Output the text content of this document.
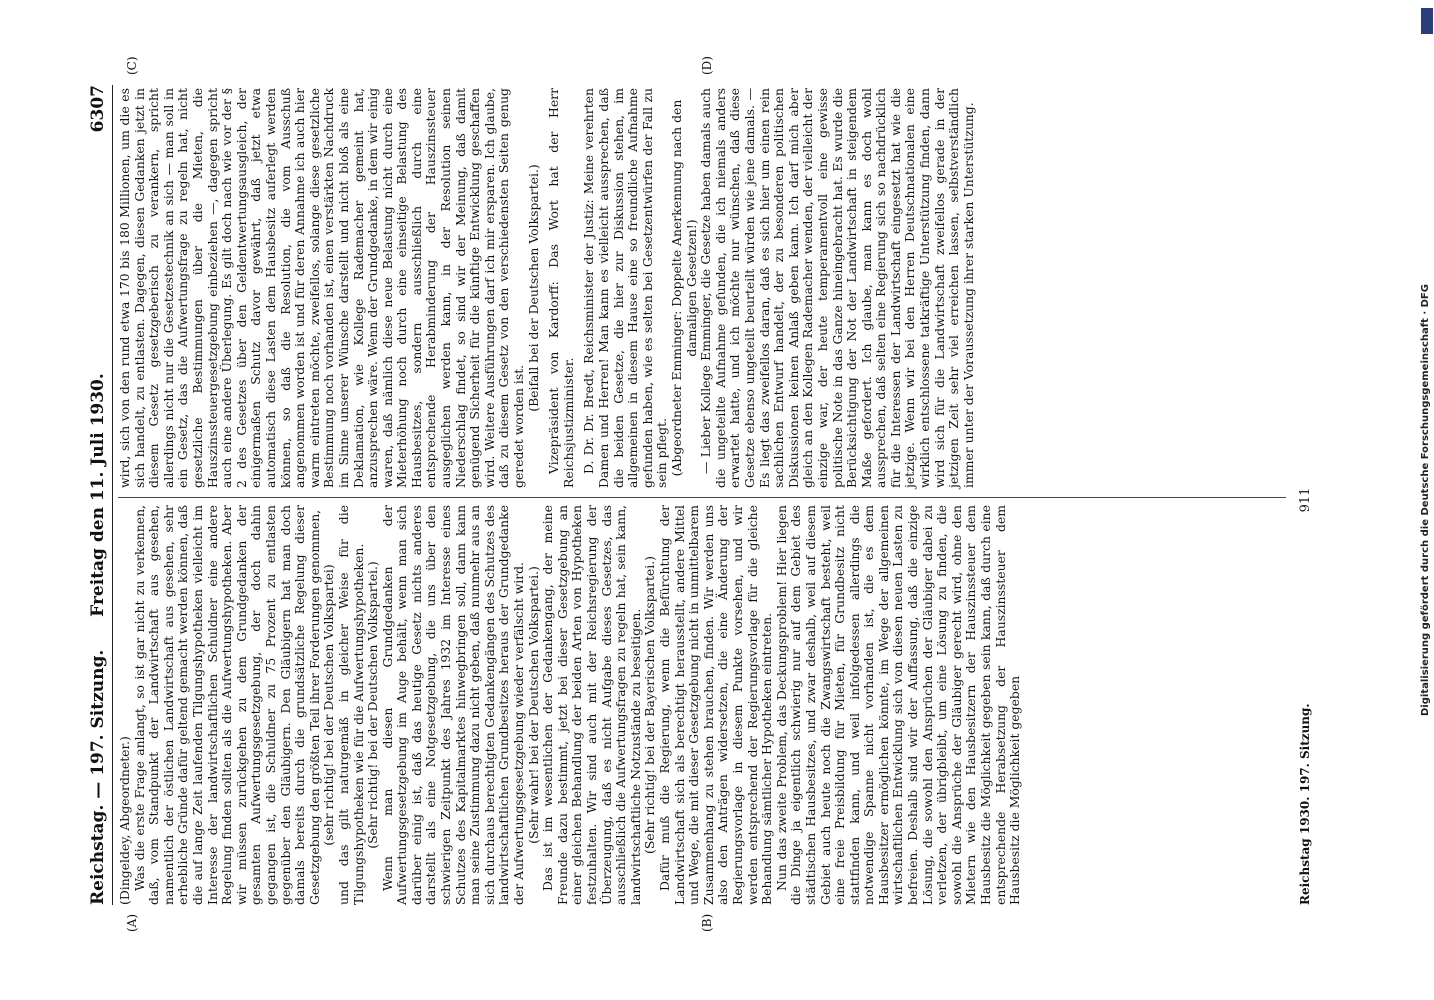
Reichstag. — 197. Sitzung.
Freitag den 11. Juli 1930.
6307
(A)	(B)
(C)	(D)

(Dingeldey, Abgeordneter.) Was die erste Frage anlangt, so ist gar nicht zu verkennen, daß, vom Standpunkt der Landwirtschaft aus gesehen, namentlich der östlichen Landwirtschaft aus gesehen, sehr erhebliche Gründe dafür geltend gemacht werden können, daß die auf lange Zeit laufenden Tilgungshypotheken vielleicht im Interesse der landwirtschaftlichen Schuldner eine andere Regelung finden sollten als die Aufwertungshypotheken. Aber wir müssen zurückgehen zu dem Grundgedanken der gesamten Aufwertungsgesetzgebung, der doch dahin gegangen ist, die Schuldner zu 75 Prozent zu entlasten gegenüber den Gläubigern. Den Gläubigern hat man doch damals bereits durch die grundsätzliche Regelung dieser Gesetzgebung den größten Teil ihrer Forderungen genommen, (sehr richtig! bei der Deutschen Volkspartei) und das gilt naturgemäß in gleicher Weise für die Tilgungshypotheken wie für die Aufwertungshypotheken. (Sehr richtig! bei der Deutschen Volkspartei.) Wenn man diesen Grundgedanken der Aufwertungsgesetzgebung im Auge behält, wenn man sich darüber einig ist, daß das heutige Gesetz nichts anderes darstellt als eine Notgesetzgebung, die uns über den schwierigen Zeitpunkt des Jahres 1932 im Interesse eines Schutzes des Kapitalmarktes hinwegbringen soll, dann kann man seine Zustimmung dazu nicht geben, daß nunmehr aus an sich durchaus berechtigten Gedankengängen des Schutzes des landwirtschaftlichen Grundbesitzes heraus der Grundgedanke der Aufwertungsgesetzgebung wieder verfälscht wird. (Sehr wahr! bei der Deutschen Volkspartei.) Das ist im wesentlichen der Gedankengang, der meine Freunde dazu bestimmt, jetzt bei dieser Gesetzgebung an einer gleichen Behandlung der beiden Arten von Hypotheken festzuhalten. Wir sind auch mit der Reichsregierung der Überzeugung, daß es nicht Aufgabe dieses Gesetzes, das ausschließlich die Aufwertungsfragen zu regeln hat, sein kann, landwirtschaftliche Notzustände zu beseitigen. (Sehr richtig! bei der Bayerischen Volkspartei.) Dafür muß die Regierung, wenn die Befürchtung der Landwirtschaft sich als berechtigt herausstellt, andere Mittel und Wege, die mit dieser Gesetzgebung nicht in unmittelbarem Zusammenhang zu stehen brauchen, finden. Wir werden uns also den Anträgen widersetzen, die eine Änderung der Regierungsvorlage in diesem Punkte vorsehen, und wir werden entsprechend der Regierungsvorlage für die gleiche Behandlung sämtlicher Hypotheken eintreten. Nun das zweite Problem, das Deckungsproblem! Hier liegen die Dinge ja eigentlich schwierig nur auf dem Gebiet des städtischen Hausbesitzes, und zwar deshalb, weil auf diesem Gebiet auch heute noch die Zwangswirtschaft besteht, weil eine freie Preisbildung für Mieten, für Grundbesitz nicht stattfinden kann, und weil infolgedessen allerdings die notwendige Spanne nicht vorhanden ist, die es dem Hausbesitzer ermöglichen könnte, im Wege der allgemeinen wirtschaftlichen Entwicklung sich von diesen neuen Lasten zu befreien. Deshalb sind wir der Auffassung, daß die einzige Lösung, die sowohl den Ansprüchen der Gläubiger dabei zu verletzen, der übrigbleibt, um eine Lösung zu finden, die sowohl die Ansprüche der Gläubiger gerecht wird, ohne den Mietern wie den Hausbesitzern der Hauszinssteuer dem Hausbesitz die Möglichkeit gegeben sein kann, daß durch eine entsprechende Herabsetzung der Hauszinssteuer dem Hausbesitz die Möglichkeit gegeben

wird, sich von den rund etwa 170 bis 180 Millionen, um die es sich handelt, zu entlasten. Dagegen, diesen Gedanken jetzt in diesem Gesetz gesetzgeberisch zu verankern, spricht allerdings nicht nur die Gesetzestechnik an sich — man soll in ein Gesetz, das die Aufwertungsfrage zu regeln hat, nicht gesetzliche Bestimmungen über die Mieten, die Hauszinssteuergesetzgebung einbeziehen —, dagegen spricht auch eine andere Überlegung. Es gilt doch nach wie vor der § 2 des Gesetzes über den Geldentwertungsausgleich, der einigermaßen Schutz davor gewährt, daß jetzt etwa automatisch diese Lasten dem Hausbesitz auferlegt werden können, so daß die Resolution, die vom Ausschuß angenommen worden ist und für deren Annahme ich auch hier warm eintreten möchte, zweifellos, solange diese gesetzliche Bestimmung noch vorhanden ist, einen verstärkten Nachdruck im Sinne unserer Wünsche darstellt und nicht bloß als eine Deklamation, wie Kollege Rademacher gemeint hat, anzusprechen wäre. Wenn der Grundgedanke, in dem wir einig waren, daß nämlich diese neue Belastung nicht durch eine Mieterhöhung noch durch eine einseitige Belastung des Hausbesitzes, sondern ausschließlich durch eine entsprechende Herabminderung der Hauszinssteuer ausgeglichen werden kann, in der Resolution seinen Niederschlag findet, so sind wir der Meinung, daß damit genügend Sicherheit für die künftige Entwicklung geschaffen wird. Weitere Ausführungen darf ich mir ersparen. Ich glaube, daß zu diesem Gesetz von den verschiedensten Seiten genug geredet worden ist.

(Beifall bei der Deutschen Volkspartei.) Vizepräsident von Kardorff: Das Wort hat der Herr Reichsjustizminister. D. Dr. Dr. Bredt, Reichsminister der Justiz: Meine verehrten Damen und Herren! Man kann es vielleicht aussprechen, daß die beiden Gesetze, die hier zur Diskussion stehen, im allgemeinen in diesem Hause eine so freundliche Aufnahme gefunden haben, wie es selten bei Gesetzentwürfen der Fall zu sein pflegt. (Abgeordneter Emminger: Doppelte Anerkennung nach den damaligen Gesetzen!) — Lieber Kollege Emminger, die Gesetze haben damals auch die ungeteilte Aufnahme gefunden, die ich niemals anders erwartet hatte, und ich möchte nur wünschen, daß diese Gesetze ebenso ungeteilt beurteilt würden wie jene damals. — Es liegt das zweifellos daran, daß es sich hier um einen rein sachlichen Entwurf handelt, der zu besonderen politischen Diskussionen keinen Anlaß geben kann. Ich darf mich aber gleich an den Kollegen Rademacher wenden, der vielleicht der einzige war, der heute temperamentvoll eine gewisse politische Note in das Ganze hineingebracht hat. Es wurde die Berücksichtigung der Not der Landwirtschaft in steigendem Maße gefordert. Ich glaube, man kann es doch wohl aussprechen, daß selten eine Regierung sich so nachdrücklich für die Interessen der Landwirtschaft eingesetzt hat wie die jetzige. Wenn wir bei den Herren Deutschnationalen eine wirklich entschlossene tatkräftige Unterstützung finden, dann wird sich für die Landwirtschaft zweifellos gerade in der jetzigen Zeit sehr viel erreichen lassen, selbstverständlich immer unter der Voraussetzung ihrer starken Unterstützung.

Reichstag 1930. 197. Sitzung.
911	Digitalisierung gefördert durch die Deutsche Forschungsgemeinschaft · DFG
